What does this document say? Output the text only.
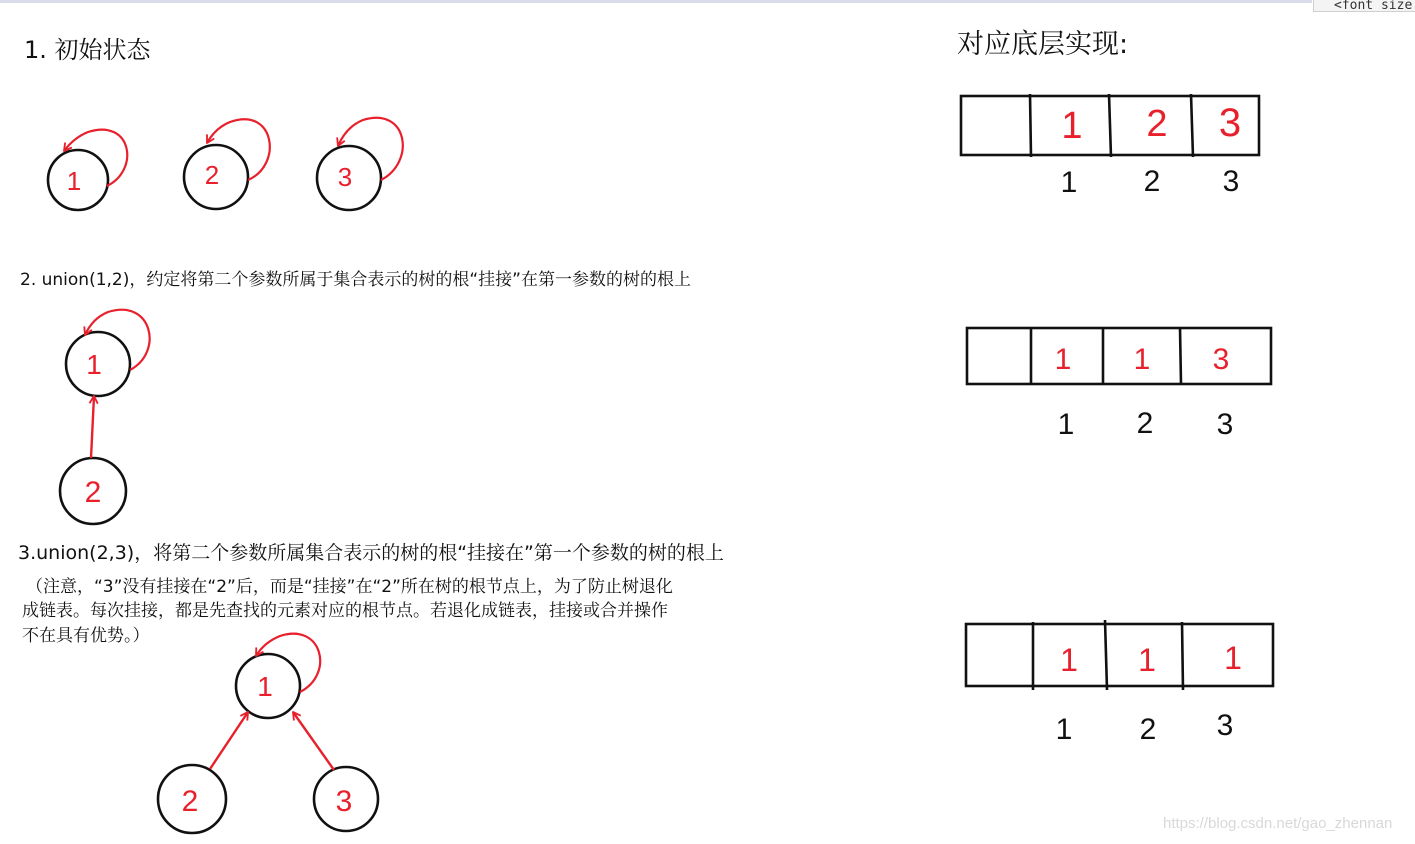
<font size
1	2	3
1
2
1
2	3
1 2 3
1 2 3
1 1 3
1 2 3
1 1 1
1 2 3
1. 初始状态	对应底层实现:
2. union(1,2)，约定将第二个参数所属于集合表示的树的根“挂接”在第一参数的树的根上
3.union(2,3)，将第二个参数所属集合表示的树的根“挂接在”第一个参数的树的根上
（注意，“3”没有挂接在“2”后，而是“挂接”在“2”所在树的根节点上，为了防止树退化
成链表。每次挂接，都是先查找的元素对应的根节点。若退化成链表，挂接或合并操作
不在具有优势。）
https://blog.csdn.net/gao_zhennan
